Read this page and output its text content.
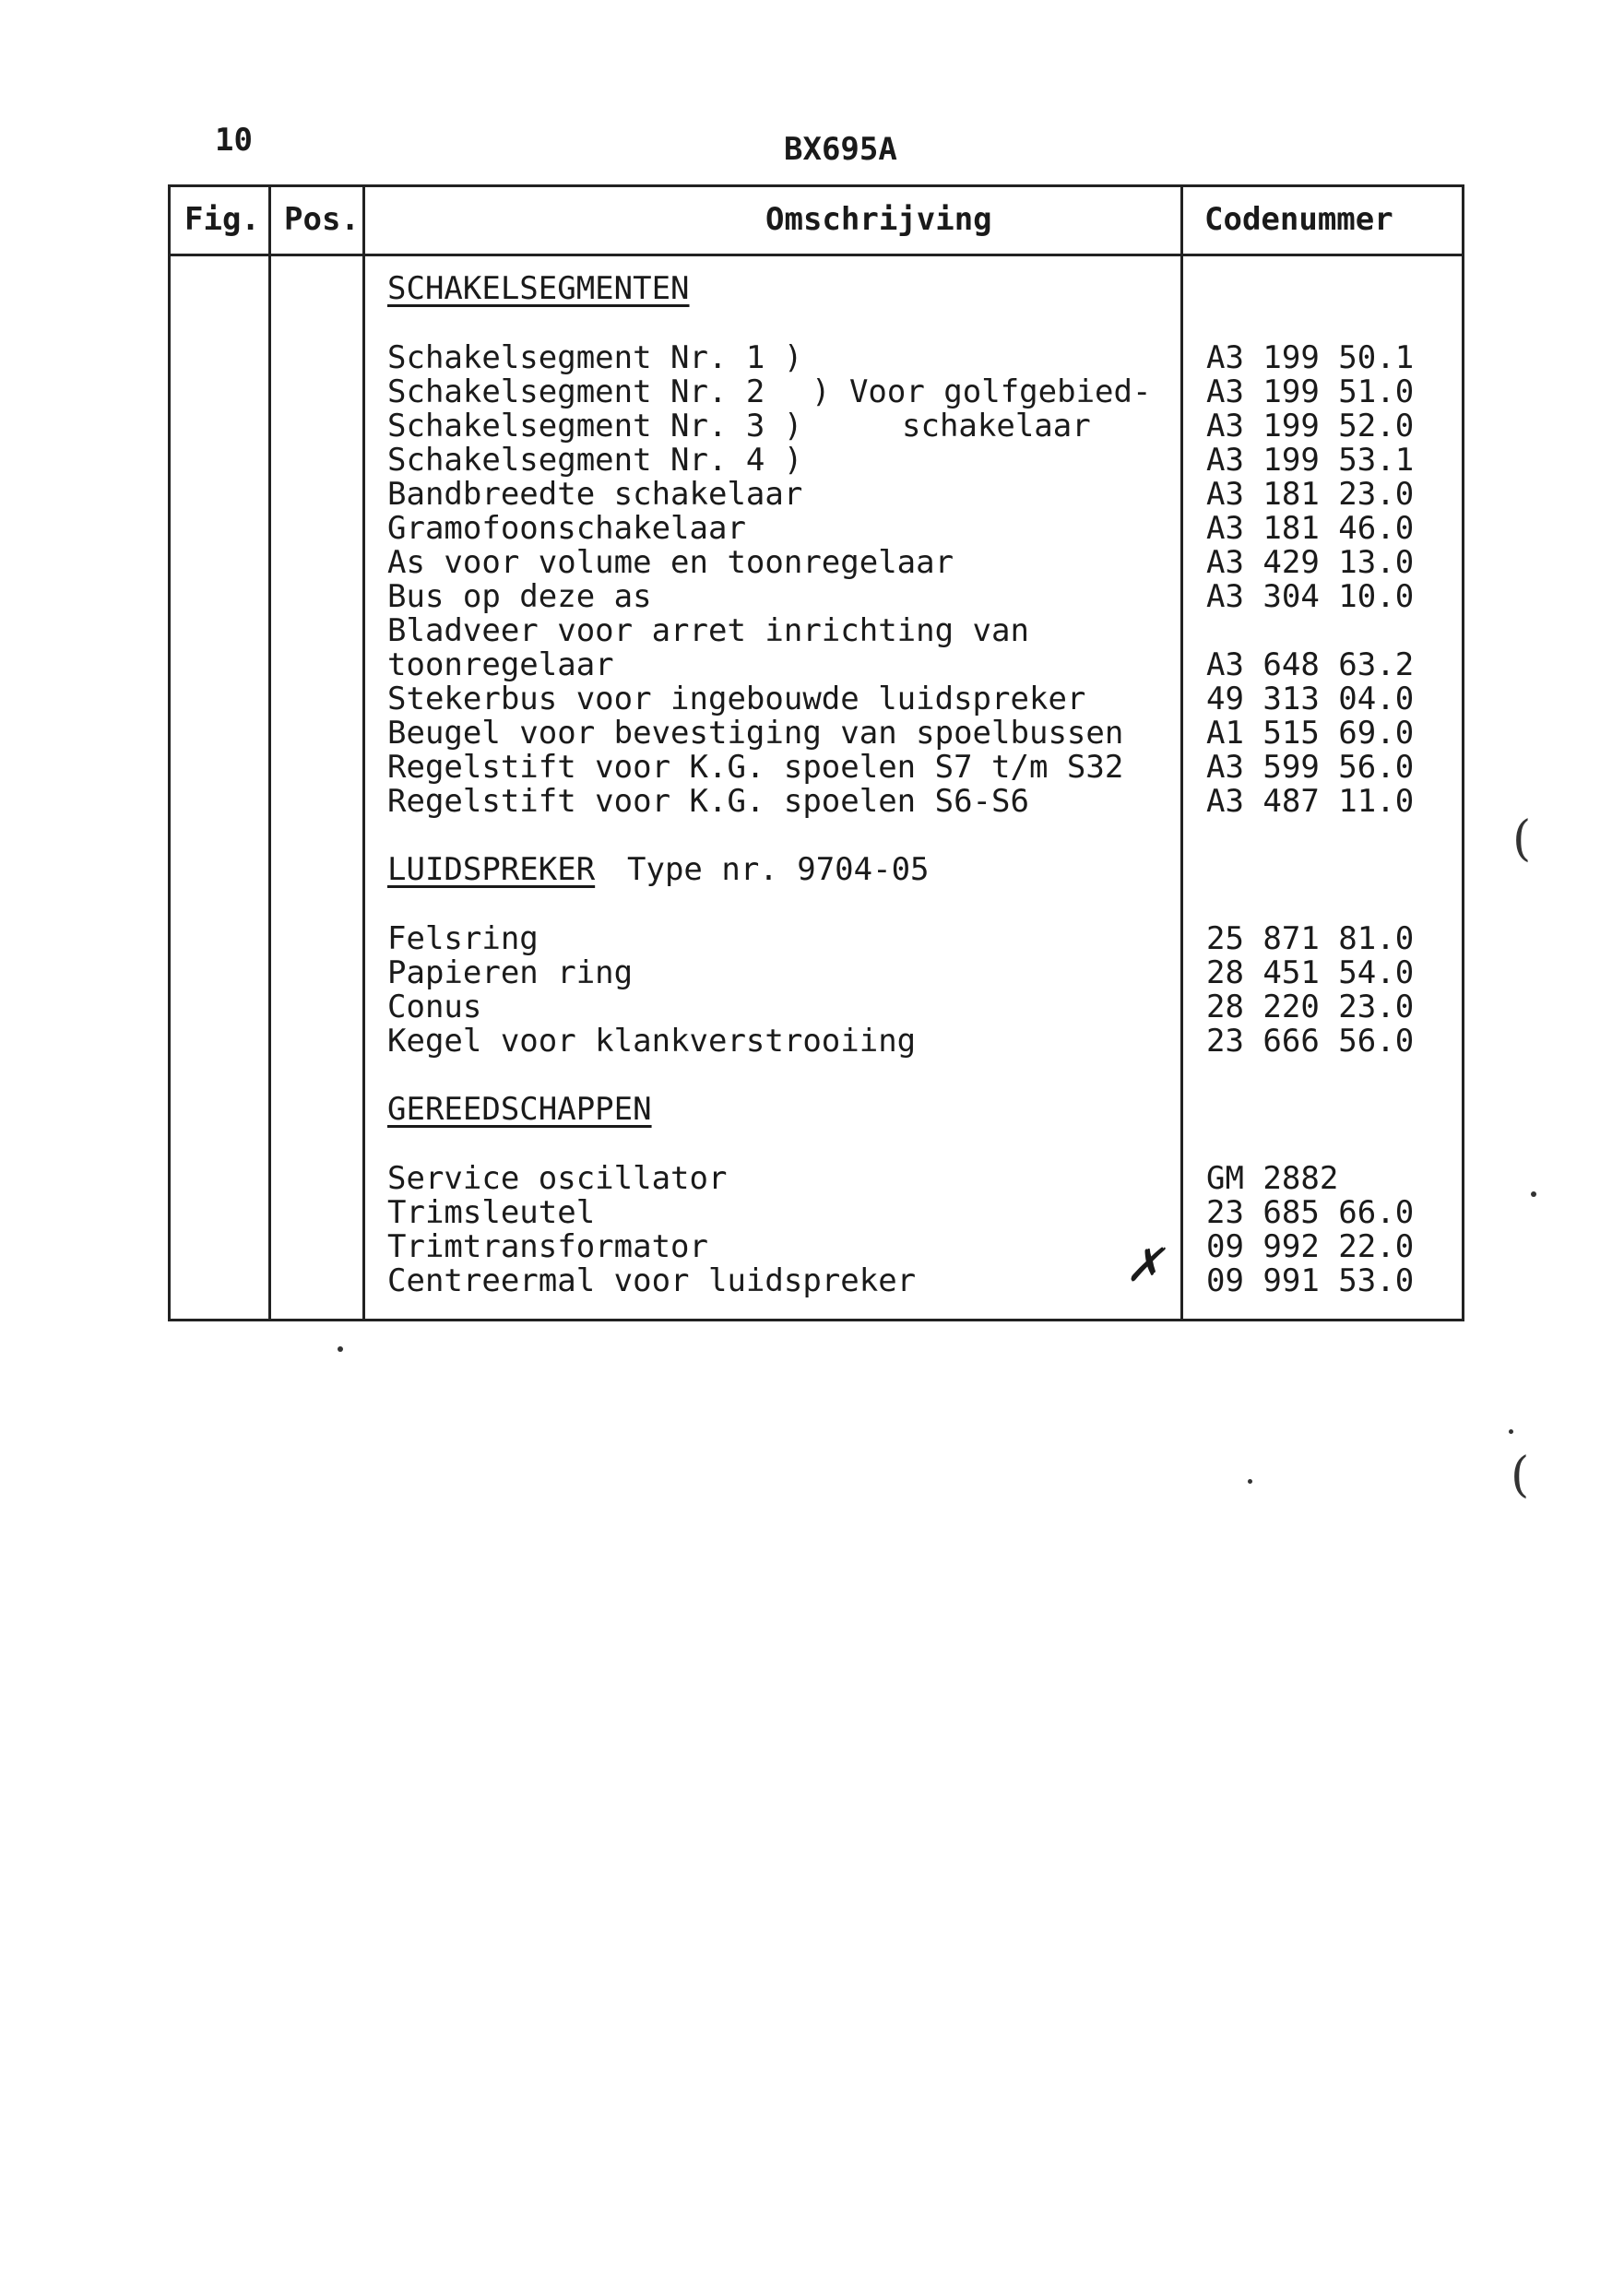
10	BX695A
Fig. Pos.	Omschrijving	Codenummer
SCHAKELSEGMENTEN
Schakelsegment Nr. 1 )	A3 199 50.1
Schakelsegment Nr. 2 ) Voor golfgebied- A3 199 51.0
Schakelsegment Nr. 3 )	schakelaar	A3 199 52.0
Schakelsegment Nr. 4 )	A3 199 53.1
Bandbreedte schakelaar	A3 181 23.0
Gramofoonschakelaar	A3 181 46.0
As voor volume en toonregelaar	A3 429 13.0
Bus op deze as	A3 304 10.0
Bladveer voor arret inrichting van
toonregelaar	A3 648 63.2
Stekerbus voor ingebouwde luidspreker	49 313 04.0
Beugel voor bevestiging van spoelbussen	A1 515 69.0
Regelstift voor K.G. spoelen S7 t/m S32	A3 599 56.0
Regelstift voor K.G. spoelen S6-S6	A3 487 11.0
LUIDSPREKER Type nr. 9704-05
Felsring	25 871 81.0
Papieren ring	28 451 54.0
Conus	28 220 23.0
Kegel voor klankverstrooiing	23 666 56.0
GEREEDSCHAPPEN
Service oscillator	GM 2882
Trimsleutel	23 685 66.0
Trimtransformator	09 992 22.0
Centreermal voor luidspreker	09 991 53.0
✗
(
(
